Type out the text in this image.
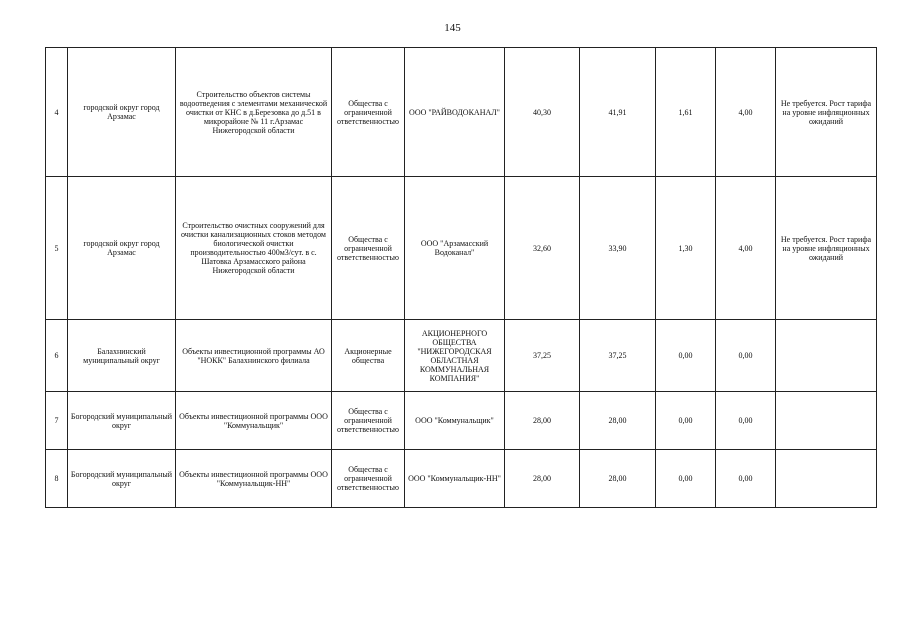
145
4	городской округ город Арзамас	Строительство объектов системы водоотведения с элементами механической очистки от КНС в д.Березовка до д.51 в микрорайоне № 11 г.Арзамас Нижегородской области	Общества с ограниченной ответственностью	ООО "РАЙВОДОКАНАЛ"	40,30	41,91	1,61	4,00	Не требуется. Рост тарифа на уровне инфляционных ожиданий
5	городской округ город Арзамас	Строительство очистных сооружений для очистки канализационных стоков методом биологической очистки производительностью 400м3/сут. в с. Шатовка Арзамасского района Нижегородской области	Общества с ограниченной ответственностью	ООО "Арзамасский Водоканал"	32,60	33,90	1,30	4,00	Не требуется. Рост тарифа на уровне инфляционных ожиданий
6	Балахнинский муниципальный округ	Объекты инвестиционной программы АО "НОКК" Балахнинского филиала	Акционерные общества	АКЦИОНЕРНОГО ОБЩЕСТВА "НИЖЕГОРОДСКАЯ ОБЛАСТНАЯ КОММУНАЛЬНАЯ КОМПАНИЯ"	37,25	37,25	0,00	0,00	
7	Богородский муниципальный округ	Объекты инвестиционной программы ООО "Коммунальщик"	Общества с ограниченной ответственностью	ООО "Коммунальщик"	28,00	28,00	0,00	0,00	
8	Богородский муниципальный округ	Объекты инвестиционной программы ООО "Коммунальщик-НН"	Общества с ограниченной ответственностью	ООО "Коммунальщик-НН"	28,00	28,00	0,00	0,00	
